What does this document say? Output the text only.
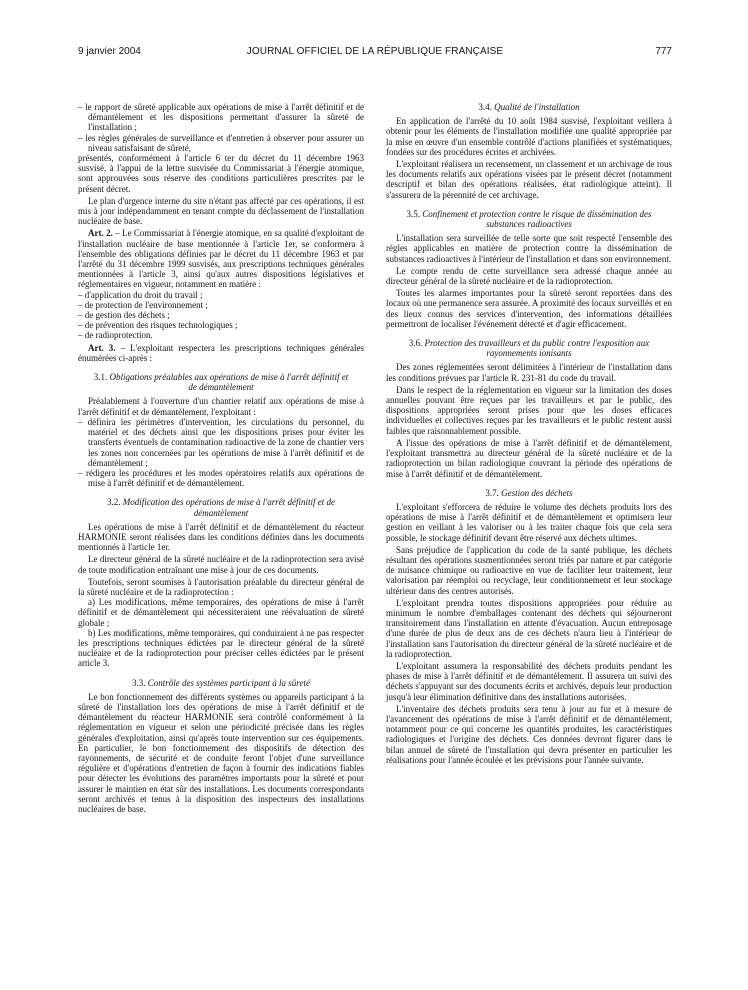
9 janvier 2004	JOURNAL OFFICIEL DE LA RÉPUBLIQUE FRANÇAISE	777

– le rapport de sûreté applicable aux opérations de mise à l'arrêt définitif et de démantèlement et les dispositions permettant d'assurer la sûreté de l'installation ;

– les règles générales de surveillance et d'entretien à observer pour assurer un niveau satisfaisant de sûreté,

présentés, conformément à l'article 6 ter du décret du 11 décembre 1963 susvisé, à l'appui de la lettre susvisée du Commissariat à l'énergie atomique, sont approuvées sous réserve des conditions particulières prescrites par le présent décret.

Le plan d'urgence interne du site n'étant pas affecté par ces opérations, il est mis à jour indépendamment en tenant compte du déclassement de l'installation nucléaire de base.

Art. 2. – Le Commissariat à l'énergie atomique, en sa qualité d'exploitant de l'installation nucléaire de base mentionnée à l'article 1er, se conformera à l'ensemble des obligations définies par le décret du 11 décembre 1963 et par l'arrêté du 31 décembre 1999 susvisés, aux prescriptions techniques générales mentionnées à l'article 3, ainsi qu'aux autres dispositions législatives et réglementaires en vigueur, notamment en matière :

– d'application du droit du travail ;

– de protection de l'environnement ;

– de gestion des déchets ;

– de prévention des risques technologiques ;

– de radioprotection.

Art. 3. – L'exploitant respectera les prescriptions techniques générales énumérées ci-après :

3.1. Obligations préalables aux opérations de mise à l'arrêt définitif et de démantèlement

Préalablement à l'ouverture d'un chantier relatif aux opérations de mise à l'arrêt définitif et de démantèlement, l'exploitant :

– définira les périmètres d'intervention, les circulations du personnel, du matériel et des déchets ainsi que les dispositions prises pour éviter les transferts éventuels de contamination radioactive de la zone de chantier vers les zones non concernées par les opérations de mise à l'arrêt définitif et de démantèlement ;

– rédigera les procédures et les modes opératoires relatifs aux opérations de mise à l'arrêt définitif et de démantèlement.

3.2. Modification des opérations de mise à l'arrêt définitif et de démantèlement

Les opérations de mise à l'arrêt définitif et de démantèlement du réacteur HARMONIE seront réalisées dans les conditions définies dans les documents mentionnés à l'article 1er.

Le directeur général de la sûreté nucléaire et de la radioprotection sera avisé de toute modification entraînant une mise à jour de ces documents.

Toutefois, seront soumises à l'autorisation préalable du directeur général de la sûreté nucléaire et de la radioprotection :

a) Les modifications, même temporaires, des opérations de mise à l'arrêt définitif et de démantèlement qui nécessiteraient une réévaluation de sûreté globale ;

b) Les modifications, même temporaires, qui conduiraient à ne pas respecter les prescriptions techniques édictées par le directeur général de la sûreté nucléaire et de la radioprotection pour préciser celles édictées par le présent article 3.

3.3. Contrôle des systèmes participant à la sûreté

Le bon fonctionnement des différents systèmes ou appareils participant à la sûreté de l'installation lors des opérations de mise à l'arrêt définitif et de démantèlement du réacteur HARMONIE sera contrôlé conformément à la réglementation en vigueur et selon une périodicité précisée dans les règles générales d'exploitation, ainsi qu'après toute intervention sur ces équipements. En particulier, le bon fonctionnement des dispositifs de détection des rayonnements, de sécurité et de conduite feront l'objet d'une surveillance régulière et d'opérations d'entretien de façon à fournir des indications fiables pour détecter les évolutions des paramètres importants pour la sûreté et pour assurer le maintien en état sûr des installations. Les documents correspondants seront archivés et tenus à la disposition des inspecteurs des installations nucléaires de base.

3.4. Qualité de l'installation

En application de l'arrêté du 10 août 1984 susvisé, l'exploitant veillera à obtenir pour les éléments de l'installation modifiée une qualité appropriée par la mise en œuvre d'un ensemble contrôlé d'actions planifiées et systématiques, fondées sur des procédures écrites et archivées.

L'exploitant réalisera un recensement, un classement et un archivage de tous les documents relatifs aux opérations visées par le présent décret (notamment descriptif et bilan des opérations réalisées, état radiologique atteint). Il s'assurera de la pérennité de cet archivage.

3.5. Confinement et protection contre le risque de dissémination des substances radioactives

L'installation sera surveillée de telle sorte que soit respecté l'ensemble des règles applicables en matière de protection contre la dissémination de substances radioactives à l'intérieur de l'installation et dans son environnement.

Le compte rendu de cette surveillance sera adressé chaque année au directeur général de la sûreté nucléaire et de la radioprotection.

Toutes les alarmes importantes pour la sûreté seront reportées dans des locaux où une permanence sera assurée. A proximité des locaux surveillés et en des lieux connus des services d'intervention, des informations détaillées permettront de localiser l'événement détecté et d'agir efficacement.

3.6. Protection des travailleurs et du public contre l'exposition aux rayonnements ionisants

Des zones réglementées seront délimitées à l'intérieur de l'installation dans les conditions prévues par l'article R. 231-81 du code du travail.

Dans le respect de la réglementation en vigueur sur la limitation des doses annuelles pouvant être reçues par les travailleurs et par le public, des dispositions appropriées seront prises pour que les doses efficaces individuelles et collectives reçues par les travailleurs et le public restent aussi faibles que raisonnablement possible.

A l'issue des opérations de mise à l'arrêt définitif et de démantèlement, l'exploitant transmettra au directeur général de la sûreté nucléaire et de la radioprotection un bilan radiologique couvrant la période des opérations de mise à l'arrêt définitif et de démantèlement.

3.7. Gestion des déchets

L'exploitant s'efforcera de réduire le volume des déchets produits lors des opérations de mise à l'arrêt définitif et de démantèlement et optimisera leur gestion en veillant à les valoriser ou à les traiter chaque fois que cela sera possible, le stockage définitif devant être réservé aux déchets ultimes.

Sans préjudice de l'application du code de la santé publique, les déchets résultant des opérations susmentionnées seront triés par nature et par catégorie de nuisance chimique ou radioactive en vue de faciliter leur traitement, leur valorisation par réemploi ou recyclage, leur conditionnement et leur stockage ultérieur dans des centres autorisés.

L'exploitant prendra toutes dispositions appropriées pour réduire au minimum le nombre d'emballages contenant des déchets qui séjourneront transitoirement dans l'installation en attente d'évacuation. Aucun entreposage d'une durée de plus de deux ans de ces déchets n'aura lieu à l'intérieur de l'installation sans l'autorisation du directeur général de la sûreté nucléaire et de la radioprotection.

L'exploitant assumera la responsabilité des déchets produits pendant les phases de mise à l'arrêt définitif et de démantèlement. Il assurera un suivi des déchets s'appuyant sur des documents écrits et archivés, depuis leur production jusqu'à leur élimination définitive dans des installations autorisées.

L'inventaire des déchets produits sera tenu à jour au fur et à mesure de l'avancement des opérations de mise à l'arrêt définitif et de démantèlement, notamment pour ce qui concerne les quantités produites, les caractéristiques radiologiques et l'origine des déchets. Ces données devront figurer dans le bilan annuel de sûreté de l'installation qui devra présenter en particulier les réalisations pour l'année écoulée et les prévisions pour l'année suivante.
